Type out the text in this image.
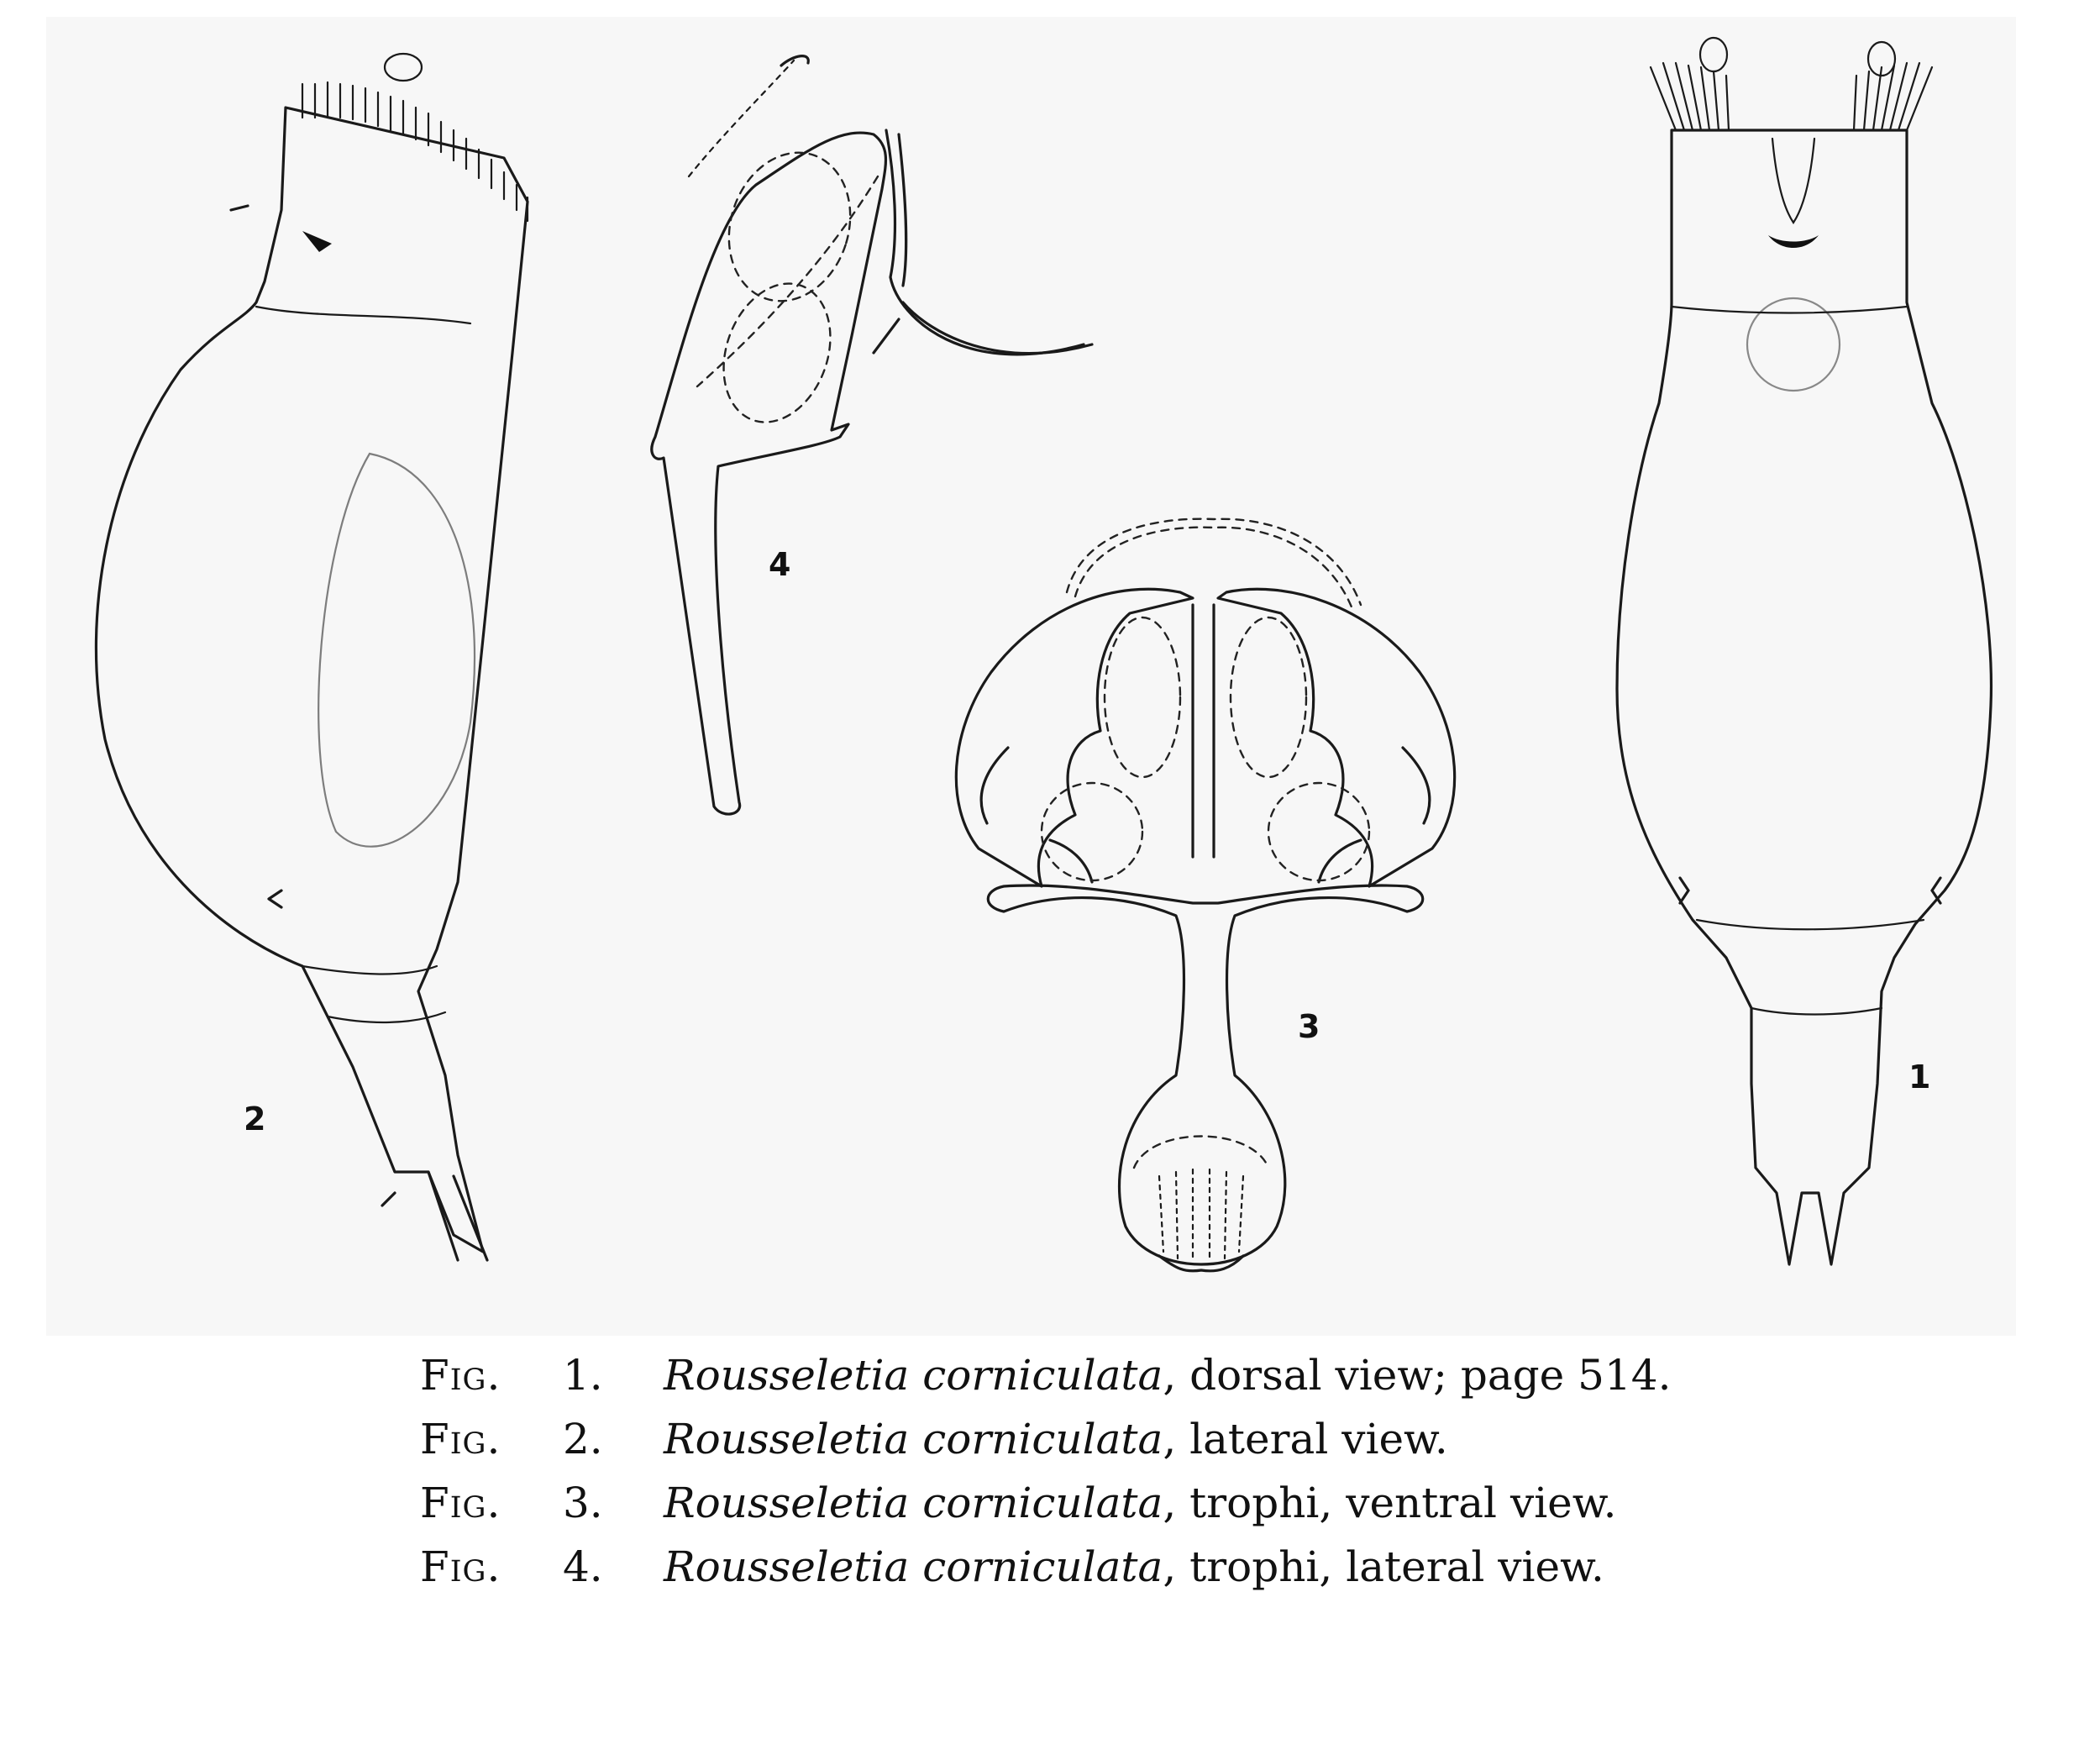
2
4
3
1
Fig. 1. Rousseletia corniculata, dorsal view; page 514.
Fig. 2. Rousseletia corniculata, lateral view.
Fig. 3. Rousseletia corniculata, trophi, ventral view.
Fig. 4. Rousseletia corniculata, trophi, lateral view.
